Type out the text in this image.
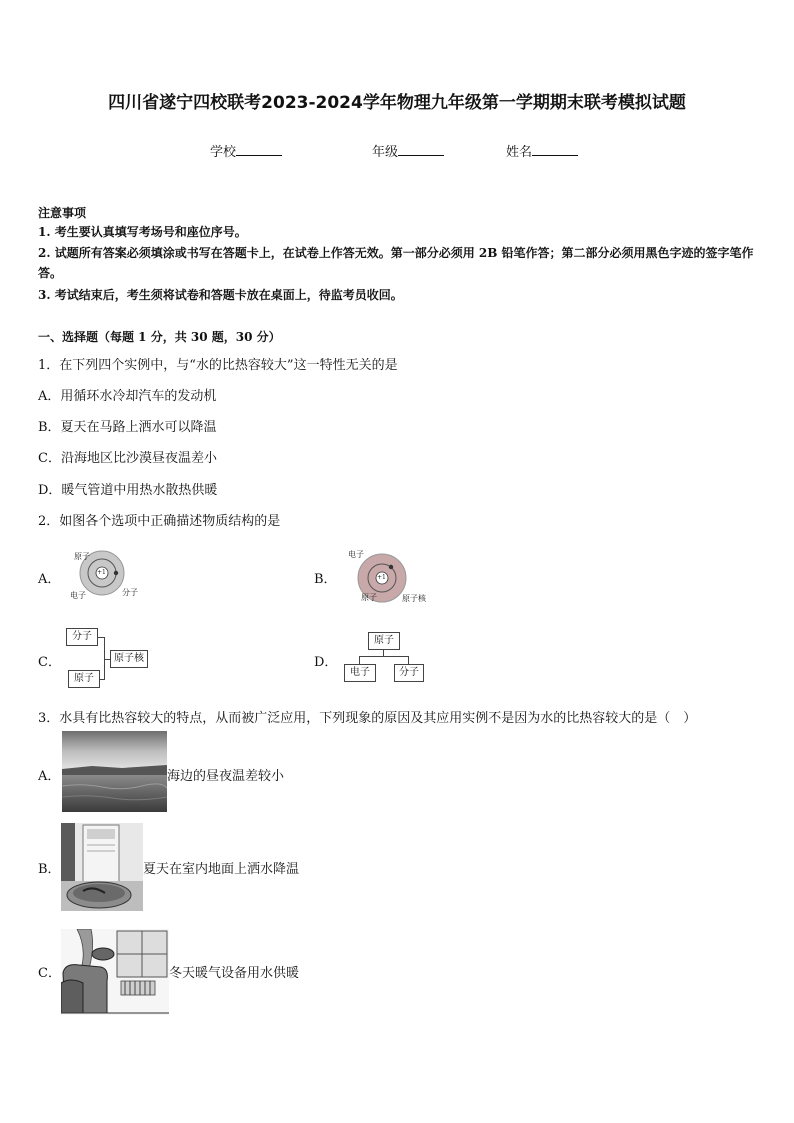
四川省遂宁四校联考2023-2024学年物理九年级第一学期期末联考模拟试题
学校	年级	姓名
注意事项
1. 考生要认真填写考场号和座位序号。
2. 试题所有答案必须填涂或书写在答题卡上，在试卷上作答无效。第一部分必须用 2B 铅笔作答；第二部分必须用黑色字迹的签字笔作答。
3. 考试结束后，考生须将试卷和答题卡放在桌面上，待监考员收回。
一、选择题（每题 1 分，共 30 题，30 分）
1．在下列四个实例中，与“水的比热容较大”这一特性无关的是
A．用循环水冷却汽车的发动机
B．夏天在马路上洒水可以降温
C．沿海地区比沙漠昼夜温差小
D．暖气管道中用热水散热供暖
2．如图各个选项中正确描述物质结构的是
A．
原子
+1
电子	分子
B．
电子
+1
原子	原子核
C．
分子
原子核
原子
D．
原子
电子	分子
3．水具有比热容较大的特点，从而被广泛应用，下列现象的原因及其应用实例不是因为水的比热容较大的是（　）
A．	海边的昼夜温差较小
B．	夏天在室内地面上洒水降温
C．	冬天暖气设备用水供暖
